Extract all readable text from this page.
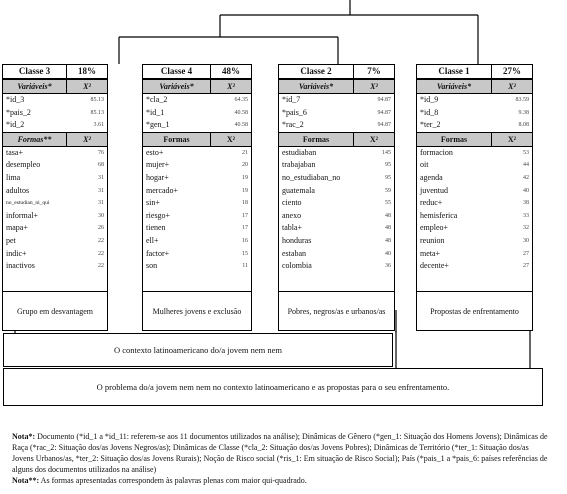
Classe 3	18%
Variáveis*	X²
*id_3	85.13
*pais_2	85.13
*id_2	3.61
Formas**	X²
tasa+	76
desempleo	68
lima	31
adultos	31
no_estudian_ni_qui	31
informal+	30
mapa+	26
pet	22
indic+	22
inactivos	22
Grupo em desvantagem
Classe 4	48%
Variáveis*	X²
*cla_2	64.35
*id_1	40.58
*gen_1	40.58
Formas	X²
esto+	21
mujer+	20
hogar+	19
mercado+	19
sin+	18
riesgo+	17
tienen	17
ell+	16
factor+	15
son	11
Mulheres jovens e exclusão
Classe 2	7%
Variáveis*	X²
*id_7	94.87
*pais_6	94.87
*rac_2	94.87
Formas	X²
estudiaban	145
trabajaban	95
no_estudiaban_no	95
guatemala	59
ciento	55
anexo	48
tabla+	48
honduras	48
estaban	40
colombia	36
Pobres, negros/as e urbanos/as
Classe 1	27%
Variáveis*	X²
*id_9	83.59
*id_8	9.38
*ter_2	8.08
Formas	X²
formacion	53
oit	44
agenda	42
juventud	40
reduc+	38
hemisferica	33
empleo+	32
reunion	30
meta+	27
decente+	27
Propostas de enfrentamento
O contexto latinoamericano do/a jovem nem nem
O problema do/a jovem nem nem no contexto latinoamericano e as propostas para o seu enfrentamento.
Nota*: Documento (*id_1 a *id_11: referem-se aos 11 documentos utilizados na análise); Dinâmicas de Gênero (*gen_1: Situação dos Homens Jovens); Dinâmicas de Raça (*rac_2: Situação dos/as Jovens Negros/as); Dinâmicas de Classe (*cla_2: Situação dos/as Jovens Pobres); Dinâmicas de Território (*ter_1: Situação dos/as Jovens Urbanos/as, *ter_2: Situação dos/as Jovens Rurais); Noção de Risco social (*ris_1: Em situação de Risco Social); País (*pais_1 a *pais_6: países referências de alguns dos documentos utilizados na análise)
Nota**: As formas apresentadas correspondem às palavras plenas com maior qui-quadrado.
